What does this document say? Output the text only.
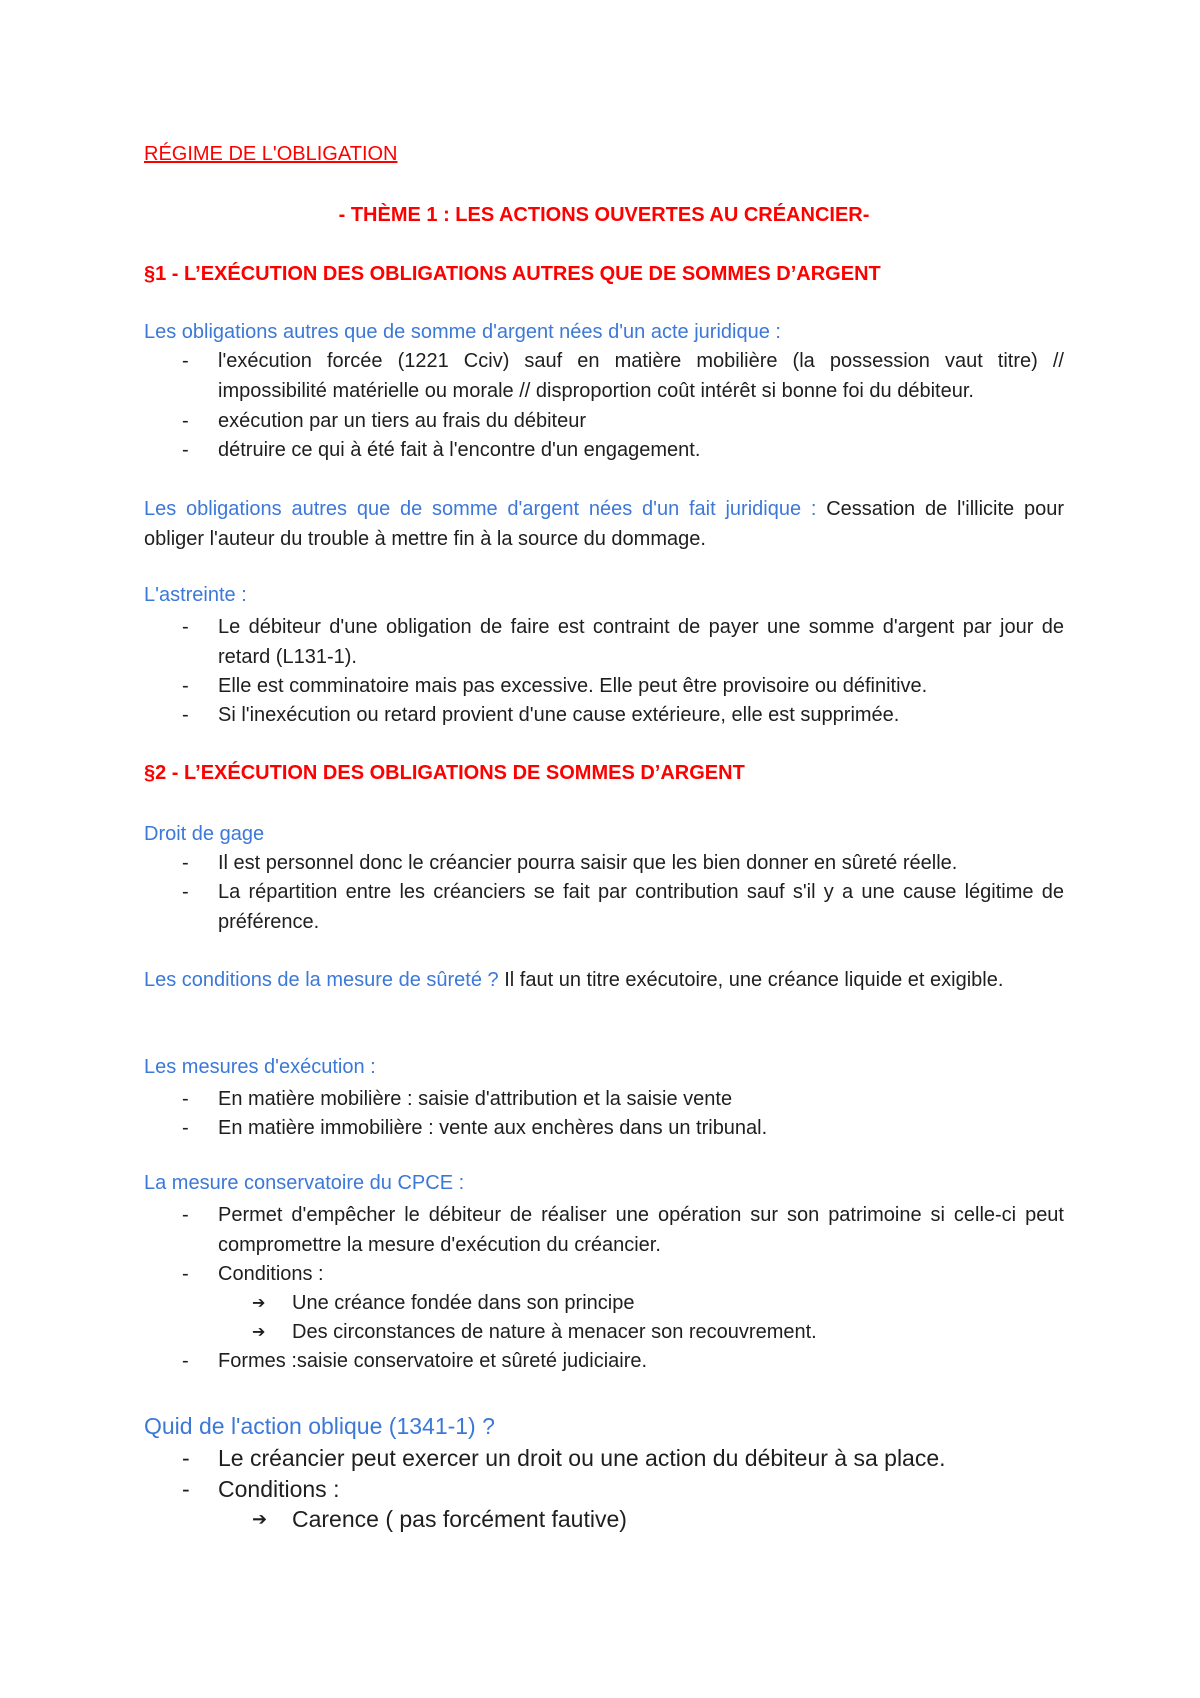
RÉGIME DE L'OBLIGATION
- THÈME 1 : LES ACTIONS OUVERTES AU CRÉANCIER-
§1 - L’EXÉCUTION DES OBLIGATIONS AUTRES QUE DE SOMMES D’ARGENT
Les obligations autres que de somme d'argent nées d'un acte juridique :
- l'exécution forcée (1221 Cciv) sauf en matière mobilière (la possession vaut titre) // impossibilité matérielle ou morale // disproportion coût intérêt si bonne foi du débiteur.
- exécution par un tiers au frais du débiteur
- détruire ce qui à été fait à l'encontre d'un engagement.
Les obligations autres que de somme d'argent nées d'un fait juridique : Cessation de l'illicite pour obliger l'auteur du trouble à mettre fin à la source du dommage.
L'astreinte :
- Le débiteur d'une obligation de faire est contraint de payer une somme d'argent par jour de retard (L131-1).
- Elle est comminatoire mais pas excessive. Elle peut être provisoire ou définitive.
- Si l'inexécution ou retard provient d'une cause extérieure, elle est supprimée.
§2 - L’EXÉCUTION DES OBLIGATIONS DE SOMMES D’ARGENT
Droit de gage
- Il est personnel donc le créancier pourra saisir que les bien donner en sûreté réelle.
- La répartition entre les créanciers se fait par contribution sauf s'il y a une cause légitime de préférence.
Les conditions de la mesure de sûreté ? Il faut un titre exécutoire, une créance liquide et exigible.
Les mesures d'exécution :
- En matière mobilière : saisie d'attribution et la saisie vente
- En matière immobilière : vente aux enchères dans un tribunal.
La mesure conservatoire du CPCE :
- Permet d'empêcher le débiteur de réaliser une opération sur son patrimoine si celle-ci peut compromettre la mesure d'exécution du créancier.
- Conditions :
➔ Une créance fondée dans son principe
➔ Des circonstances de nature à menacer son recouvrement.
- Formes :saisie conservatoire et sûreté judiciaire.
Quid de l'action oblique (1341-1) ?
- Le créancier peut exercer un droit ou une action du débiteur à sa place.
- Conditions :
➔ Carence ( pas forcément fautive)
